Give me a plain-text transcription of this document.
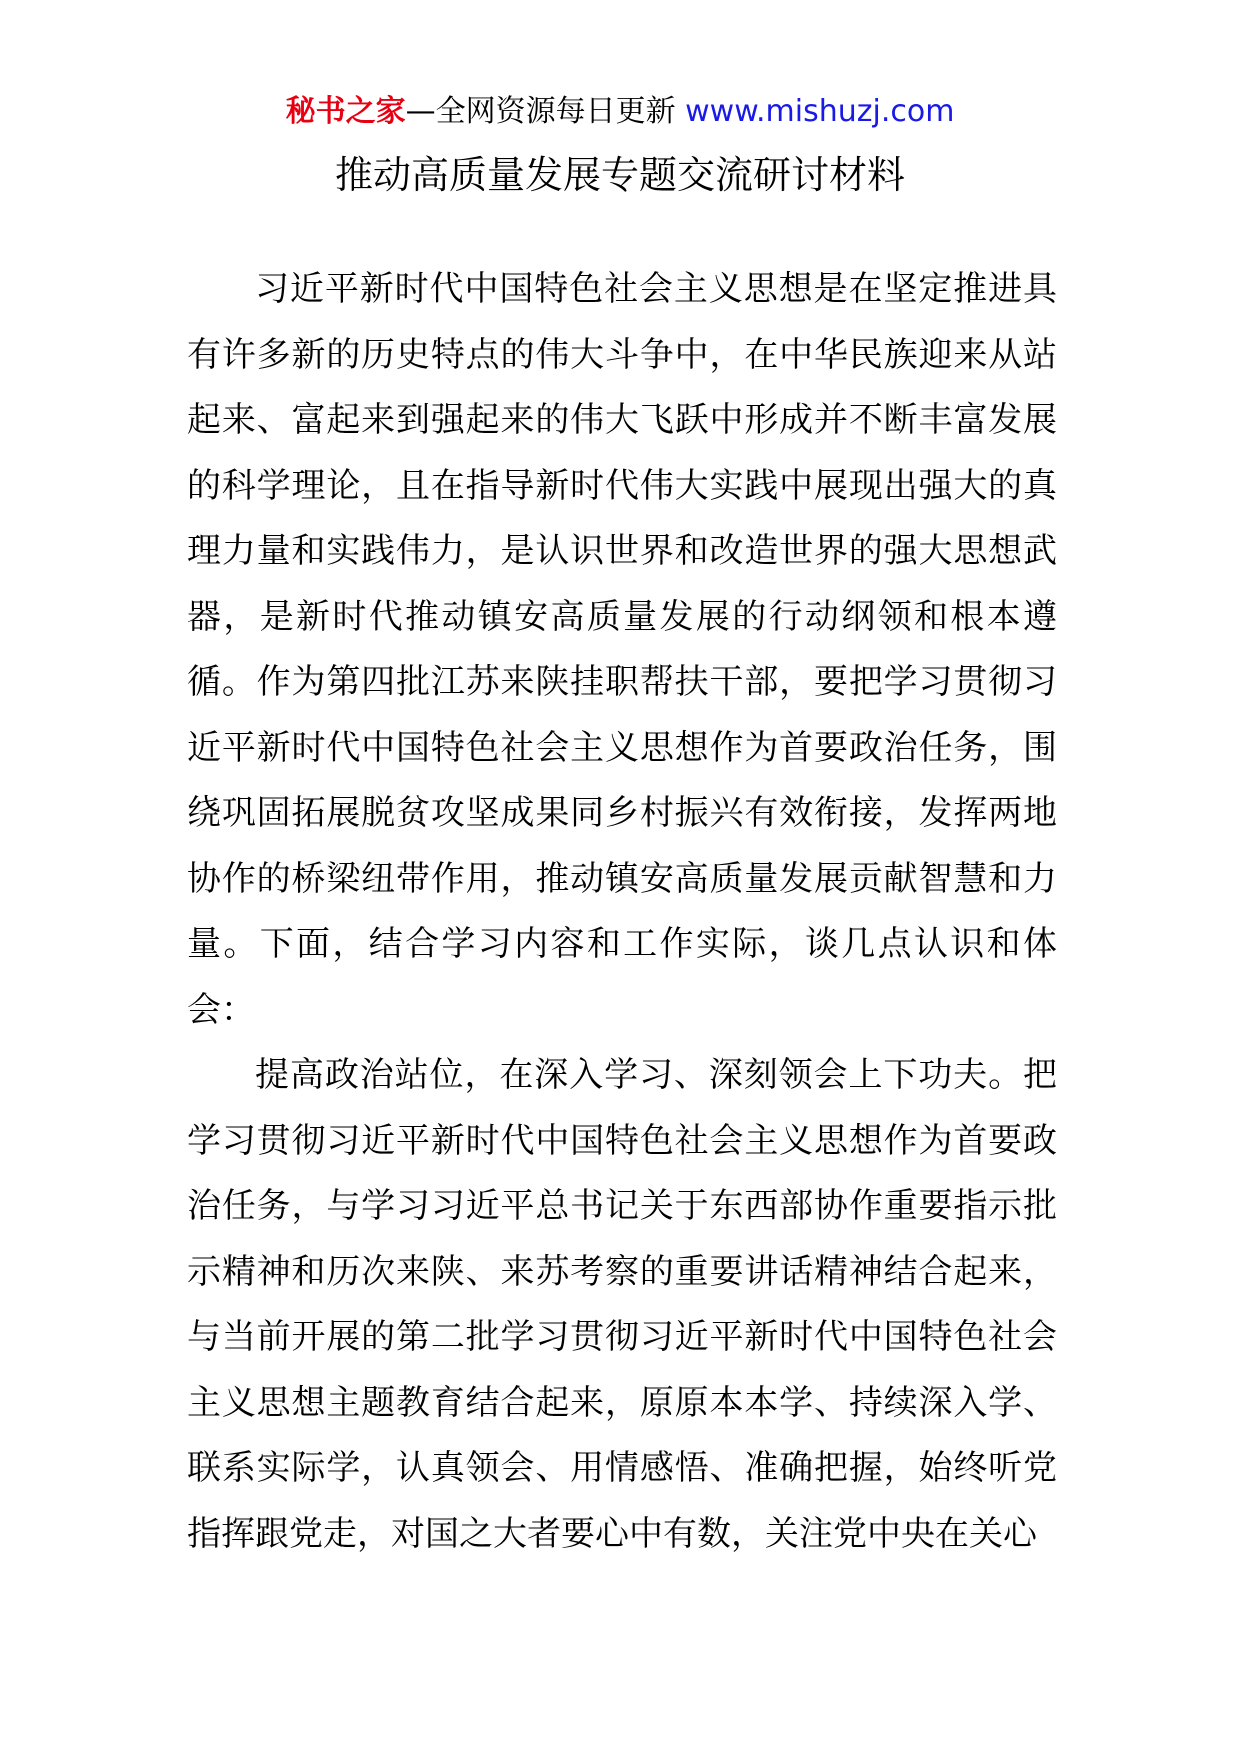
秘书之家—全网资源每日更新 www.mishuzj.com
推动高质量发展专题交流研讨材料

习近平新时代中国特色社会主义思想是在坚定推进具有许多新的历史特点的伟大斗争中，在中华民族迎来从站起来、富起来到强起来的伟大飞跃中形成并不断丰富发展的科学理论，且在指导新时代伟大实践中展现出强大的真理力量和实践伟力，是认识世界和改造世界的强大思想武器，是新时代推动镇安高质量发展的行动纲领和根本遵循。作为第四批江苏来陕挂职帮扶干部，要把学习贯彻习近平新时代中国特色社会主义思想作为首要政治任务，围绕巩固拓展脱贫攻坚成果同乡村振兴有效衔接，发挥两地协作的桥梁纽带作用，推动镇安高质量发展贡献智慧和力量。下面，结合学习内容和工作实际，谈几点认识和体会：

提高政治站位，在深入学习、深刻领会上下功夫。把学习贯彻习近平新时代中国特色社会主义思想作为首要政治任务，与学习习近平总书记关于东西部协作重要指示批示精神和历次来陕、来苏考察的重要讲话精神结合起来，与当前开展的第二批学习贯彻习近平新时代中国特色社会主义思想主题教育结合起来，原原本本学、持续深入学、联系实际学，认真领会、用情感悟、准确把握，始终听党指挥跟党走，对国之大者要心中有数，关注党中央在关心
